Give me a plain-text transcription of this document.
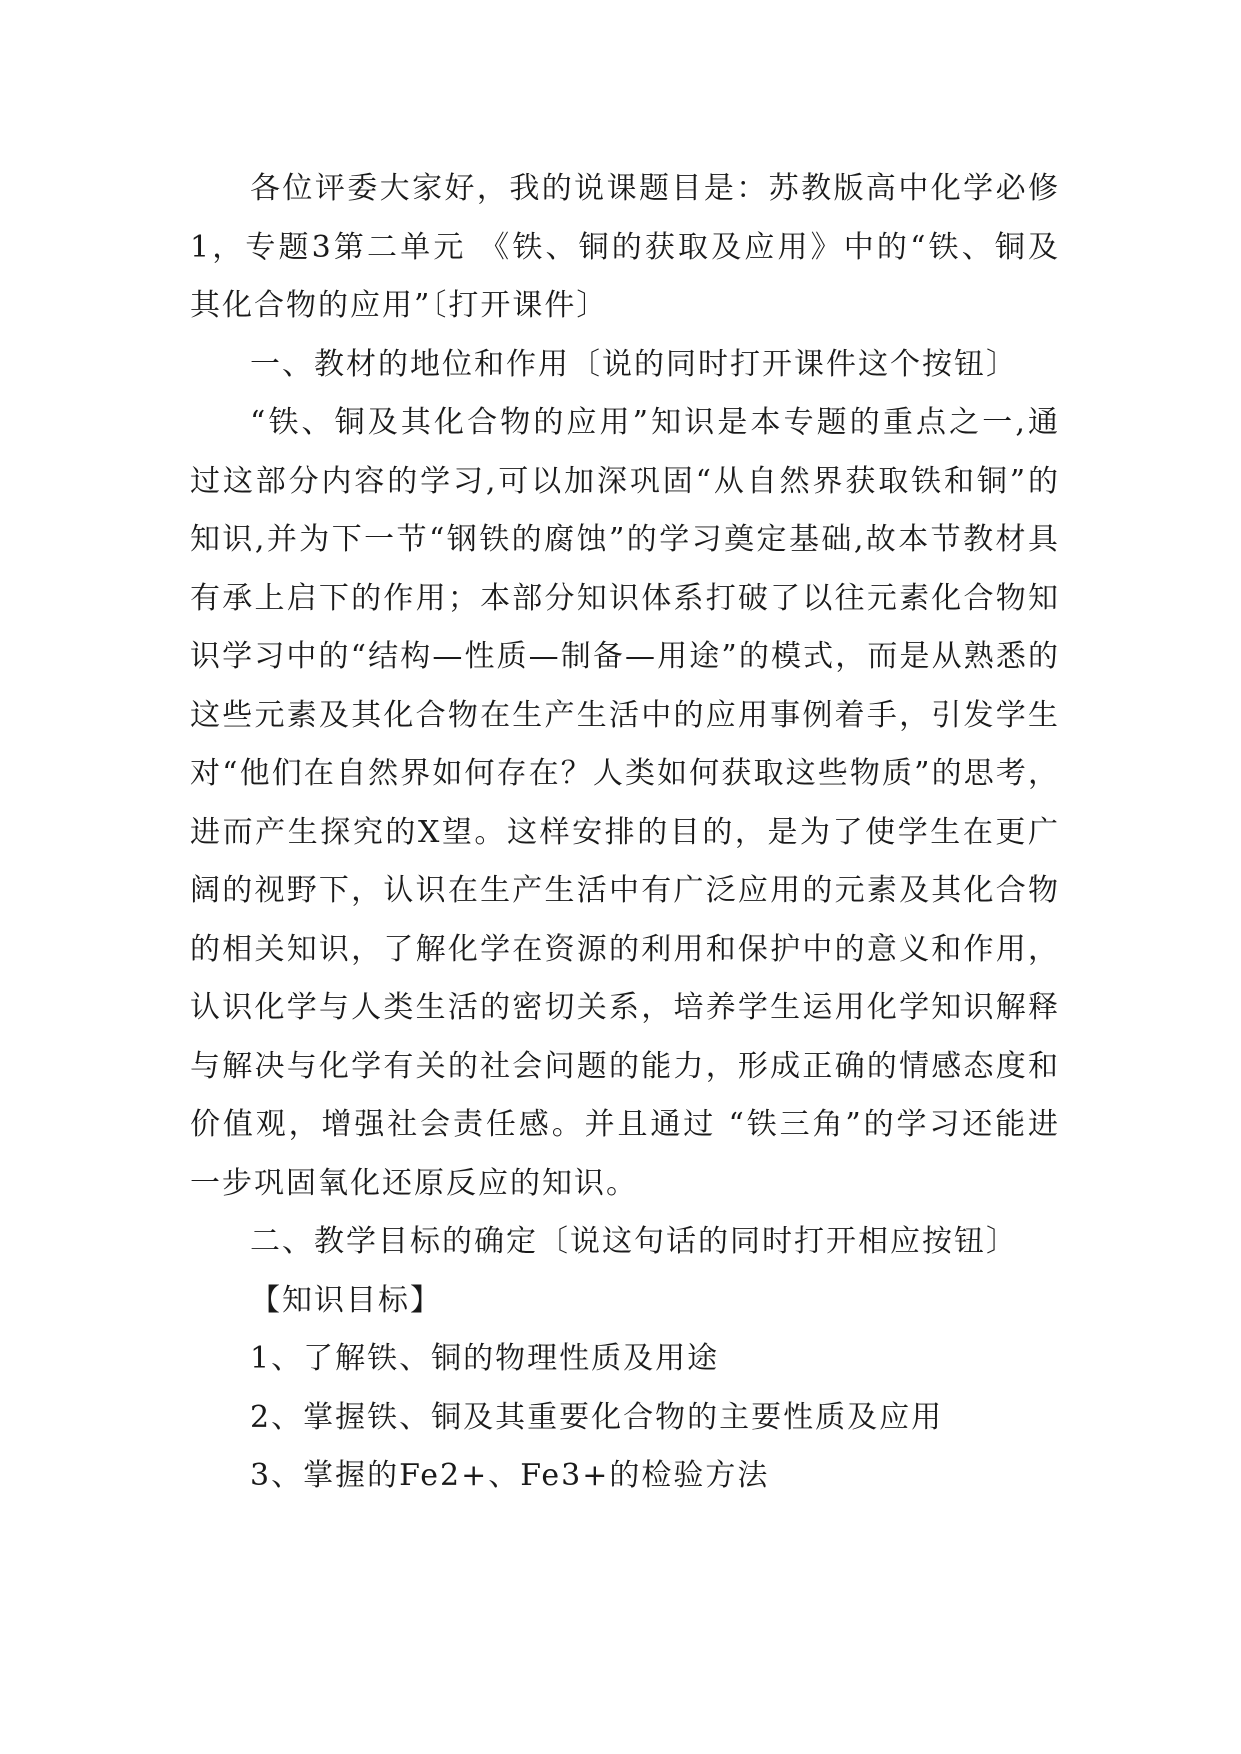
各位评委大家好，我的说课题目是：苏教版高中化学必修1，专题3第二单元 《铁、铜的获取及应用》中的“铁、铜及其化合物的应用”〔打开课件〕

一、教材的地位和作用〔说的同时打开课件这个按钮〕

“铁、铜及其化合物的应用”知识是本专题的重点之一,通过这部分内容的学习,可以加深巩固“从自然界获取铁和铜”的知识,并为下一节“钢铁的腐蚀”的学习奠定基础,故本节教材具有承上启下的作用；本部分知识体系打破了以往元素化合物知识学习中的“结构—性质—制备—用途”的模式，而是从熟悉的这些元素及其化合物在生产生活中的应用事例着手，引发学生对“他们在自然界如何存在？人类如何获取这些物质”的思考，进而产生探究的X望。这样安排的目的，是为了使学生在更广阔的视野下，认识在生产生活中有广泛应用的元素及其化合物的相关知识，了解化学在资源的利用和保护中的意义和作用，认识化学与人类生活的密切关系，培养学生运用化学知识解释与解决与化学有关的社会问题的能力，形成正确的情感态度和价值观，增强社会责任感。并且通过 “铁三角”的学习还能进一步巩固氧化还原反应的知识。

二、教学目标的确定〔说这句话的同时打开相应按钮〕

【知识目标】

1、了解铁、铜的物理性质及用途

2、掌握铁、铜及其重要化合物的主要性质及应用

3、掌握的Fe2+、Fe3+的检验方法
